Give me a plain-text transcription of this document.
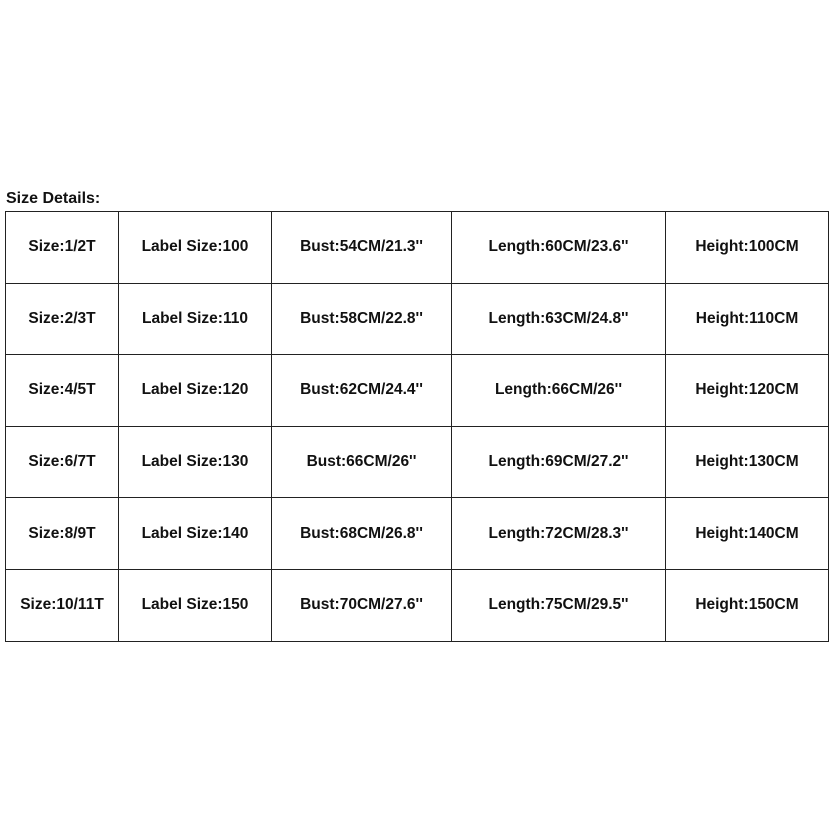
Size Details:
Size:1/2T	Label Size:100	Bust:54CM/21.3''	Length:60CM/23.6''	Height:100CM
Size:2/3T	Label Size:110	Bust:58CM/22.8''	Length:63CM/24.8''	Height:110CM
Size:4/5T	Label Size:120	Bust:62CM/24.4''	Length:66CM/26''	Height:120CM
Size:6/7T	Label Size:130	Bust:66CM/26''	Length:69CM/27.2''	Height:130CM
Size:8/9T	Label Size:140	Bust:68CM/26.8''	Length:72CM/28.3''	Height:140CM
Size:10/11T	Label Size:150	Bust:70CM/27.6''	Length:75CM/29.5''	Height:150CM
